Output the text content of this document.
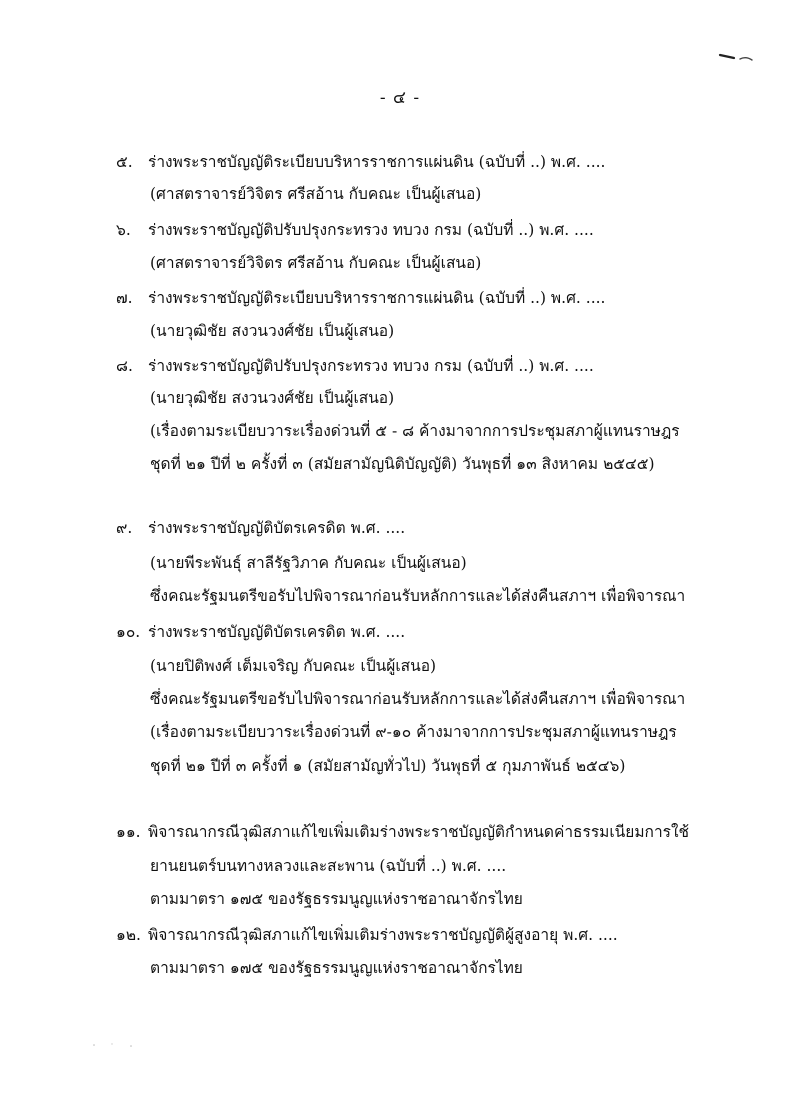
- ๔ -
๕. ร่างพระราชบัญญัติระเบียบบริหารราชการแผ่นดิน (ฉบับที่ ..) พ.ศ. ....
(ศาสตราจารย์วิจิตร ศรีสอ้าน กับคณะ เป็นผู้เสนอ)
๖. ร่างพระราชบัญญัติปรับปรุงกระทรวง ทบวง กรม (ฉบับที่ ..) พ.ศ. ....
(ศาสตราจารย์วิจิตร ศรีสอ้าน กับคณะ เป็นผู้เสนอ)
๗. ร่างพระราชบัญญัติระเบียบบริหารราชการแผ่นดิน (ฉบับที่ ..) พ.ศ. ....
(นายวุฒิชัย สงวนวงศ์ชัย เป็นผู้เสนอ)
๘. ร่างพระราชบัญญัติปรับปรุงกระทรวง ทบวง กรม (ฉบับที่ ..) พ.ศ. ....
(นายวุฒิชัย สงวนวงศ์ชัย เป็นผู้เสนอ)
(เรื่องตามระเบียบวาระเรื่องด่วนที่ ๕ - ๘ ค้างมาจากการประชุมสภาผู้แทนราษฎร
ชุดที่ ๒๑ ปีที่ ๒ ครั้งที่ ๓ (สมัยสามัญนิติบัญญัติ) วันพุธที่ ๑๓ สิงหาคม ๒๕๔๕)
๙. ร่างพระราชบัญญัติบัตรเครดิต พ.ศ. ....
(นายพีระพันธุ์ สาลีรัฐวิภาค กับคณะ เป็นผู้เสนอ)
ซึ่งคณะรัฐมนตรีขอรับไปพิจารณาก่อนรับหลักการและได้ส่งคืนสภาฯ เพื่อพิจารณา
๑๐. ร่างพระราชบัญญัติบัตรเครดิต พ.ศ. ....
(นายปิติพงศ์ เต็มเจริญ กับคณะ เป็นผู้เสนอ)
ซึ่งคณะรัฐมนตรีขอรับไปพิจารณาก่อนรับหลักการและได้ส่งคืนสภาฯ เพื่อพิจารณา
(เรื่องตามระเบียบวาระเรื่องด่วนที่ ๙-๑๐ ค้างมาจากการประชุมสภาผู้แทนราษฎร
ชุดที่ ๒๑ ปีที่ ๓ ครั้งที่ ๑ (สมัยสามัญทั่วไป) วันพุธที่ ๕ กุมภาพันธ์ ๒๕๔๖)
๑๑. พิจารณากรณีวุฒิสภาแก้ไขเพิ่มเติมร่างพระราชบัญญัติกำหนดค่าธรรมเนียมการใช้
ยานยนตร์บนทางหลวงและสะพาน (ฉบับที่ ..) พ.ศ. ....
ตามมาตรา ๑๗๕ ของรัฐธรรมนูญแห่งราชอาณาจักรไทย
๑๒. พิจารณากรณีวุฒิสภาแก้ไขเพิ่มเติมร่างพระราชบัญญัติผู้สูงอายุ พ.ศ. ....
ตามมาตรา ๑๗๕ ของรัฐธรรมนูญแห่งราชอาณาจักรไทย
